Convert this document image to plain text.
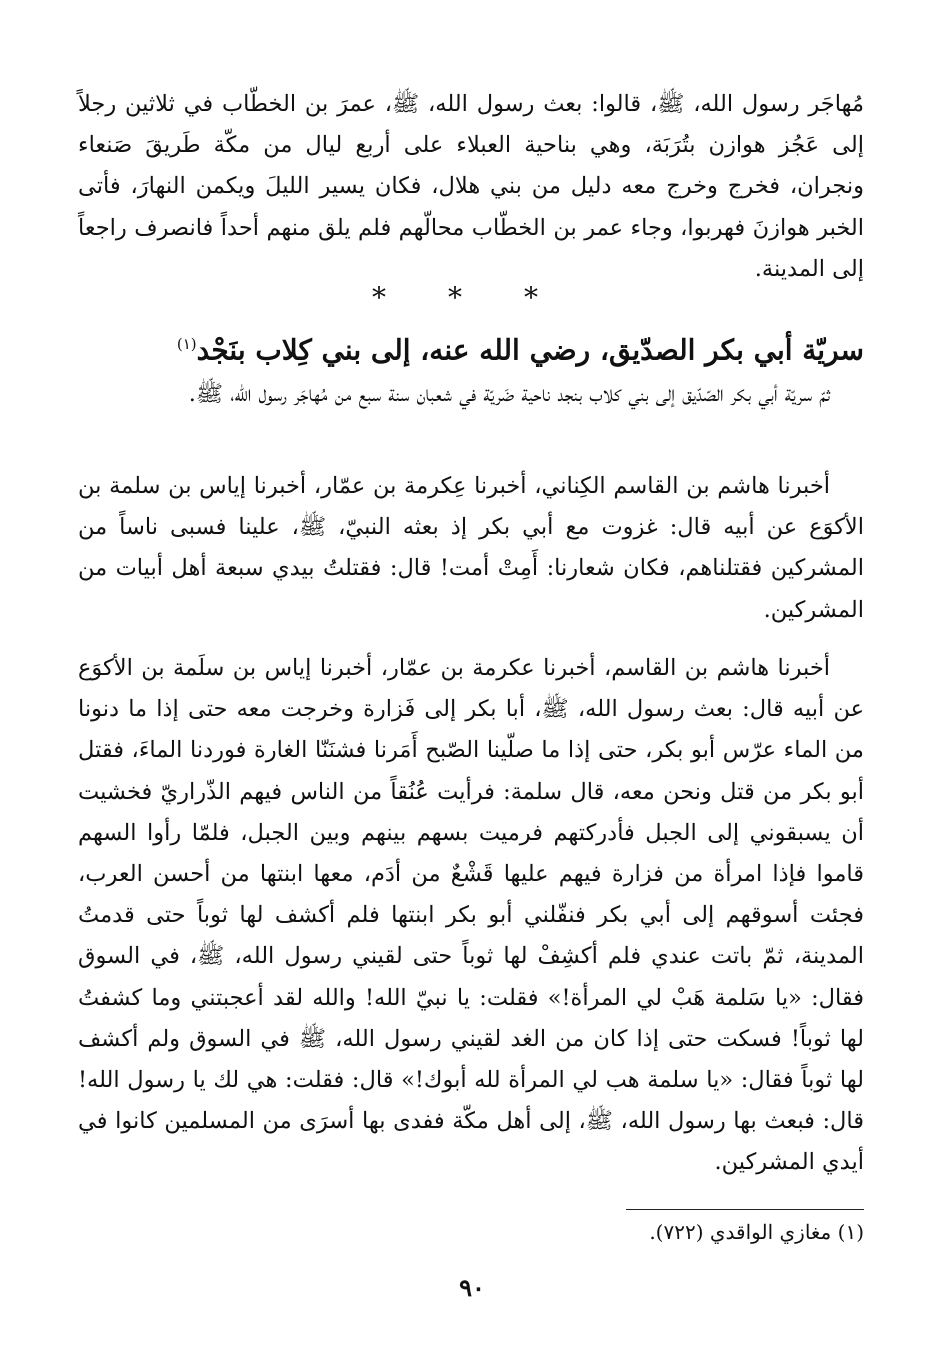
مُهاجَر رسول الله، ﷺ، قالوا: بعث رسول الله، ﷺ، عمرَ بن الخطّاب في ثلاثين رجلاً إلى عَجُز هوازن بتُرَبَة، وهي بناحية العبلاء على أربع ليال من مكّة طَريقَ صَنعاء ونجران، فخرج وخرج معه دليل من بني هلال، فكان يسير الليلَ ويكمن النهارَ، فأتى الخبر هوازنَ فهربوا، وجاء عمر بن الخطّاب محالّهم فلم يلق منهم أحداً فانصرف راجعاً إلى المدينة.

* * *
سريّة أبي بكر الصدّيق، رضي الله عنه، إلى بني كِلاب بنَجْد$^{(١)}$

ثمّ سريّة أبي بكر الصّدّيق إلى بني كلاب بنجد ناحية ضَريّة في شعبان سنة سبع من مُهاجَر رسول الله، ﷺ.

أخبرنا هاشم بن القاسم الكِناني، أخبرنا عِكرمة بن عمّار، أخبرنا إياس بن سلمة بن الأكوَع عن أبيه قال: غزوت مع أبي بكر إذ بعثه النبيّ، ﷺ، علينا فسبى ناساً من المشركين فقتلناهم، فكان شعارنا: أَمِتْ أمت! قال: فقتلتُ بيدي سبعة أهل أبيات من المشركين.

أخبرنا هاشم بن القاسم، أخبرنا عكرمة بن عمّار، أخبرنا إياس بن سلَمة بن الأكوَع عن أبيه قال: بعث رسول الله، ﷺ، أبا بكر إلى فَزارة وخرجت معه حتى إذا ما دنونا من الماء عرّس أبو بكر، حتى إذا ما صلّينا الصّبح أَمَرنا فشنَنّا الغارة فوردنا الماءَ، فقتل أبو بكر من قتل ونحن معه، قال سلمة: فرأيت عُنُقاً من الناس فيهم الذّراريّ فخشيت أن يسبقوني إلى الجبل فأدركتهم فرميت بسهم بينهم وبين الجبل، فلمّا رأوا السهم قاموا فإذا امرأة من فزارة فيهم عليها قَشْعٌ من أدَم، معها ابنتها من أحسن العرب، فجئت أسوقهم إلى أبي بكر فنفّلني أبو بكر ابنتها فلم أكشف لها ثوباً حتى قدمتُ المدينة، ثمّ باتت عندي فلم أكشِفْ لها ثوباً حتى لقيني رسول الله، ﷺ، في السوق فقال: «يا سَلمة هَبْ لي المرأة!» فقلت: يا نبيّ الله! والله لقد أعجبتني وما كشفتُ لها ثوباً! فسكت حتى إذا كان من الغد لقيني رسول الله، ﷺ في السوق ولم أكشف لها ثوباً فقال: «يا سلمة هب لي المرأة لله أبوك!» قال: فقلت: هي لك يا رسول الله! قال: فبعث بها رسول الله، ﷺ، إلى أهل مكّة ففدى بها أسرَى من المسلمين كانوا في أيدي المشركين.

(١) مغازي الواقدي (٧٢٢).
٩٠
